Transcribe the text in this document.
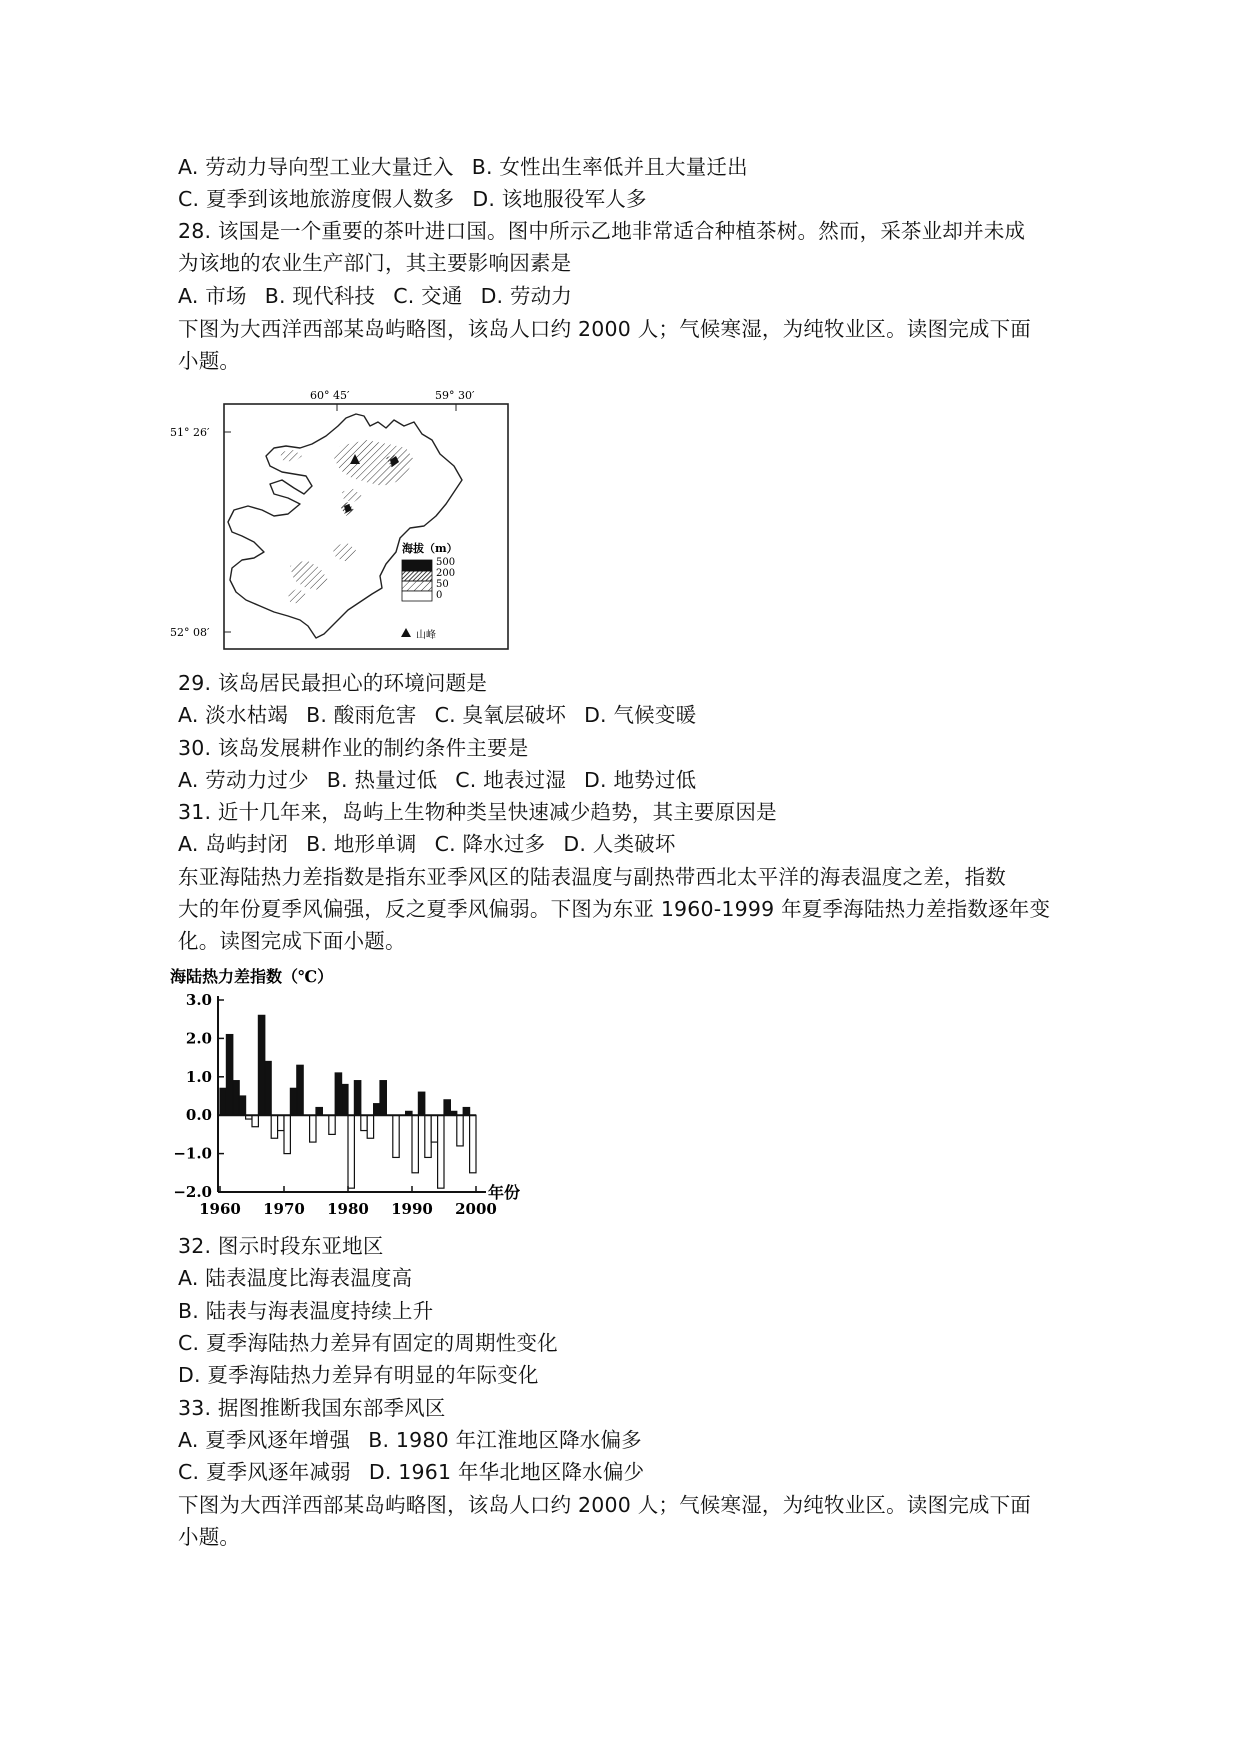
A. 劳动力导向型工业大量迁入 B. 女性出生率低并且大量迁出
C. 夏季到该地旅游度假人数多 D. 该地服役军人多
28. 该国是一个重要的茶叶进口国。图中所示乙地非常适合种植茶树。然而，采茶业却并未成
为该地的农业生产部门，其主要影响因素是
A. 市场 B. 现代科技 C. 交通 D. 劳动力
下图为大西洋西部某岛屿略图，该岛人口约 2000 人；气候寒湿，为纯牧业区。读图完成下面
小题。
60° 45′	59° 30′
51° 26′
52° 08′
海拔（m）
500
200
50
0
山峰
29. 该岛居民最担心的环境问题是
A. 淡水枯竭 B. 酸雨危害 C. 臭氧层破坏 D. 气候变暖
30. 该岛发展耕作业的制约条件主要是
A. 劳动力过少 B. 热量过低 C. 地表过湿 D. 地势过低
31. 近十几年来，岛屿上生物种类呈快速减少趋势，其主要原因是
A. 岛屿封闭 B. 地形单调 C. 降水过多 D. 人类破坏
东亚海陆热力差指数是指东亚季风区的陆表温度与副热带西北太平洋的海表温度之差，指数
大的年份夏季风偏强，反之夏季风偏弱。下图为东亚 1960-1999 年夏季海陆热力差指数逐年变
化。读图完成下面小题。
海陆热力差指数（℃）
3.0
2.0
1.0
0.0
−1.0
−2.0	年份
1960 1970 1980 1990 2000
32. 图示时段东亚地区
A. 陆表温度比海表温度高
B. 陆表与海表温度持续上升
C. 夏季海陆热力差异有固定的周期性变化
D. 夏季海陆热力差异有明显的年际变化
33. 据图推断我国东部季风区
A. 夏季风逐年增强 B. 1980 年江淮地区降水偏多
C. 夏季风逐年减弱 D. 1961 年华北地区降水偏少
下图为大西洋西部某岛屿略图，该岛人口约 2000 人；气候寒湿，为纯牧业区。读图完成下面
小题。
